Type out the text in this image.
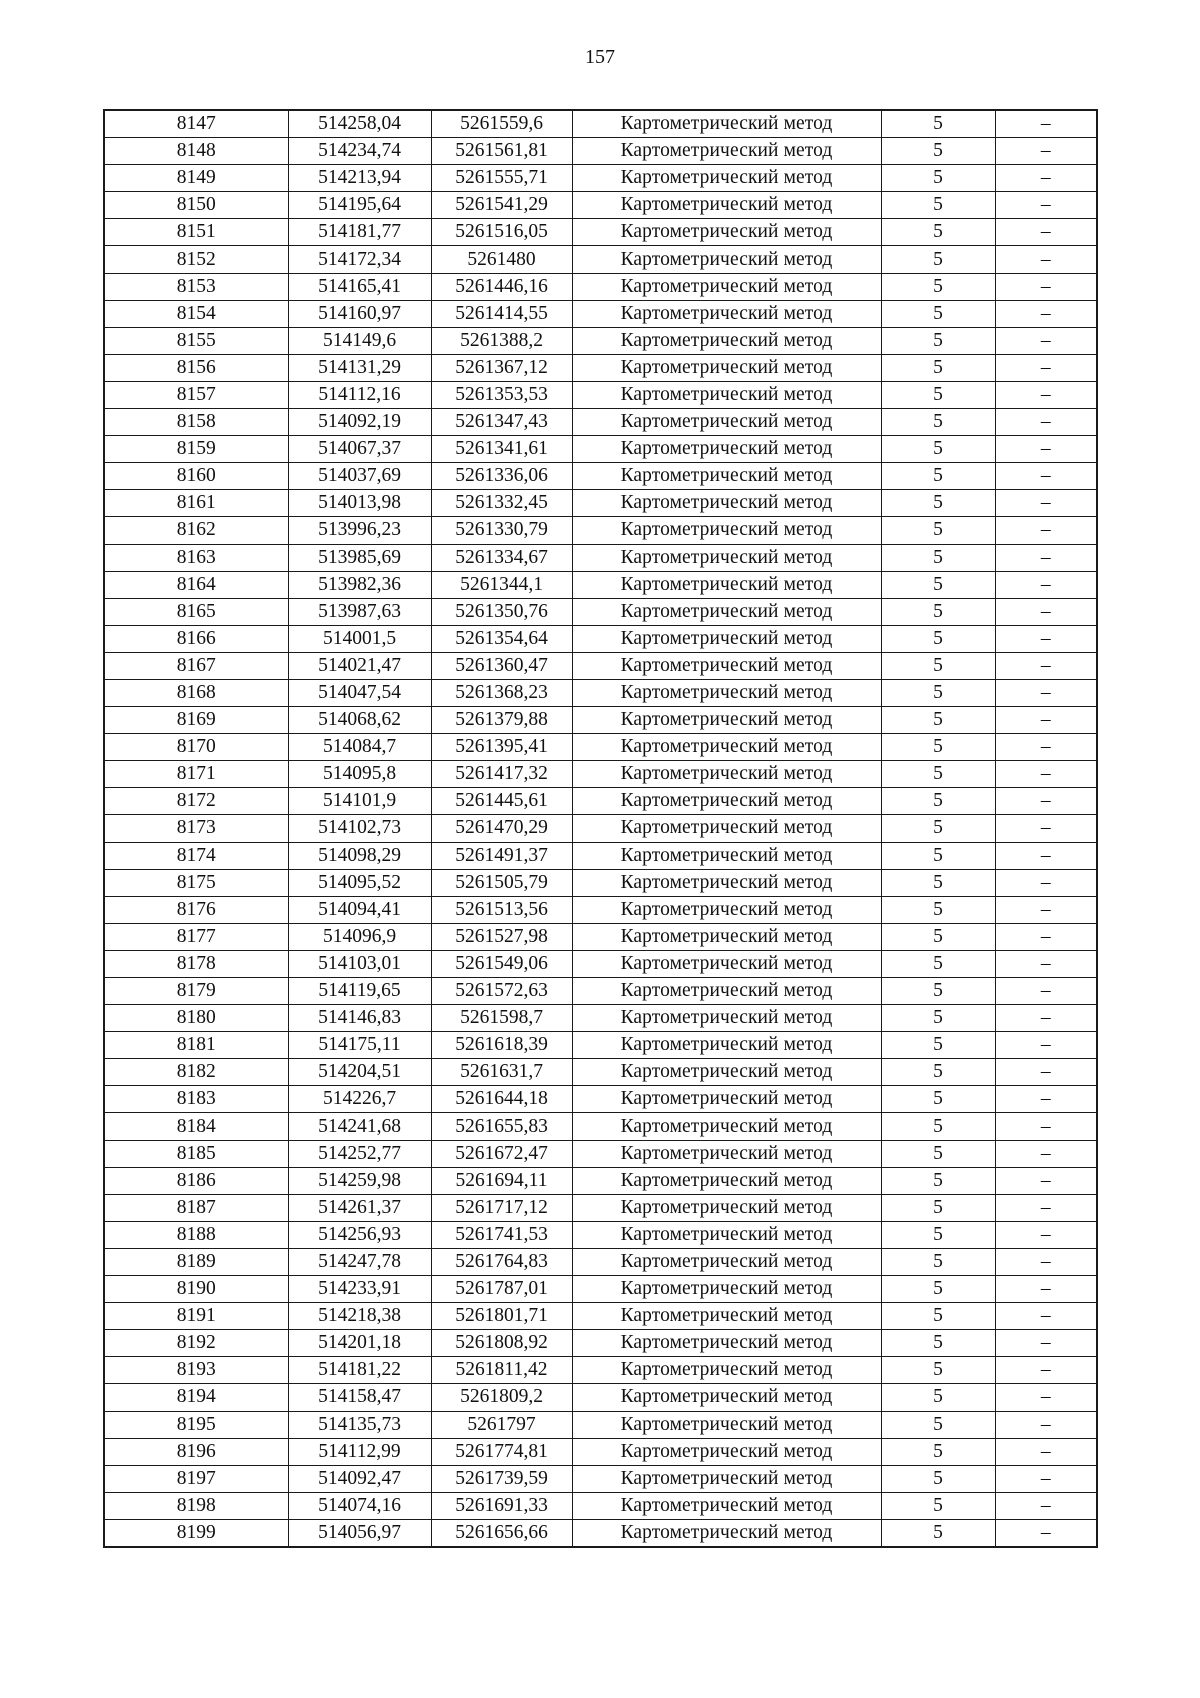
157
8147	514258,04	5261559,6	Картометрический метод	5	–
8148	514234,74	5261561,81	Картометрический метод	5	–
8149	514213,94	5261555,71	Картометрический метод	5	–
8150	514195,64	5261541,29	Картометрический метод	5	–
8151	514181,77	5261516,05	Картометрический метод	5	–
8152	514172,34	5261480	Картометрический метод	5	–
8153	514165,41	5261446,16	Картометрический метод	5	–
8154	514160,97	5261414,55	Картометрический метод	5	–
8155	514149,6	5261388,2	Картометрический метод	5	–
8156	514131,29	5261367,12	Картометрический метод	5	–
8157	514112,16	5261353,53	Картометрический метод	5	–
8158	514092,19	5261347,43	Картометрический метод	5	–
8159	514067,37	5261341,61	Картометрический метод	5	–
8160	514037,69	5261336,06	Картометрический метод	5	–
8161	514013,98	5261332,45	Картометрический метод	5	–
8162	513996,23	5261330,79	Картометрический метод	5	–
8163	513985,69	5261334,67	Картометрический метод	5	–
8164	513982,36	5261344,1	Картометрический метод	5	–
8165	513987,63	5261350,76	Картометрический метод	5	–
8166	514001,5	5261354,64	Картометрический метод	5	–
8167	514021,47	5261360,47	Картометрический метод	5	–
8168	514047,54	5261368,23	Картометрический метод	5	–
8169	514068,62	5261379,88	Картометрический метод	5	–
8170	514084,7	5261395,41	Картометрический метод	5	–
8171	514095,8	5261417,32	Картометрический метод	5	–
8172	514101,9	5261445,61	Картометрический метод	5	–
8173	514102,73	5261470,29	Картометрический метод	5	–
8174	514098,29	5261491,37	Картометрический метод	5	–
8175	514095,52	5261505,79	Картометрический метод	5	–
8176	514094,41	5261513,56	Картометрический метод	5	–
8177	514096,9	5261527,98	Картометрический метод	5	–
8178	514103,01	5261549,06	Картометрический метод	5	–
8179	514119,65	5261572,63	Картометрический метод	5	–
8180	514146,83	5261598,7	Картометрический метод	5	–
8181	514175,11	5261618,39	Картометрический метод	5	–
8182	514204,51	5261631,7	Картометрический метод	5	–
8183	514226,7	5261644,18	Картометрический метод	5	–
8184	514241,68	5261655,83	Картометрический метод	5	–
8185	514252,77	5261672,47	Картометрический метод	5	–
8186	514259,98	5261694,11	Картометрический метод	5	–
8187	514261,37	5261717,12	Картометрический метод	5	–
8188	514256,93	5261741,53	Картометрический метод	5	–
8189	514247,78	5261764,83	Картометрический метод	5	–
8190	514233,91	5261787,01	Картометрический метод	5	–
8191	514218,38	5261801,71	Картометрический метод	5	–
8192	514201,18	5261808,92	Картометрический метод	5	–
8193	514181,22	5261811,42	Картометрический метод	5	–
8194	514158,47	5261809,2	Картометрический метод	5	–
8195	514135,73	5261797	Картометрический метод	5	–
8196	514112,99	5261774,81	Картометрический метод	5	–
8197	514092,47	5261739,59	Картометрический метод	5	–
8198	514074,16	5261691,33	Картометрический метод	5	–
8199	514056,97	5261656,66	Картометрический метод	5	–
